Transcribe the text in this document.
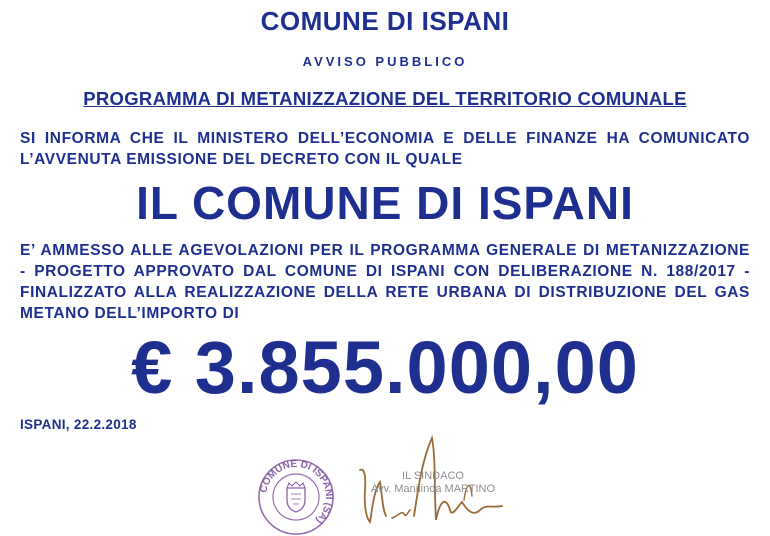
COMUNE DI ISPANI
AVVISO PUBBLICO
PROGRAMMA DI METANIZZAZIONE DEL TERRITORIO COMUNALE
SI INFORMA CHE IL MINISTERO DELL’ECONOMIA E DELLE FINANZE HA COMUNICATO L’AVVENUTA EMISSIONE DEL DECRETO CON IL QUALE
IL COMUNE DI ISPANI
E’ AMMESSO ALLE AGEVOLAZIONI PER IL PROGRAMMA GENERALE DI METANIZZAZIONE - PROGETTO APPROVATO DAL COMUNE DI ISPANI CON DELIBERAZIONE N. 188/2017 - FINALIZZATO ALLA REALIZZAZIONE DELLA RETE URBANA DI DISTRIBUZIONE DEL GAS METANO DELL’IMPORTO DI
€ 3.855.000,00
ISPANI, 22.2.2018
COMUNE DI ISPANI (SA)
IL SINDACO
Avv. Manilinda MARTINO
